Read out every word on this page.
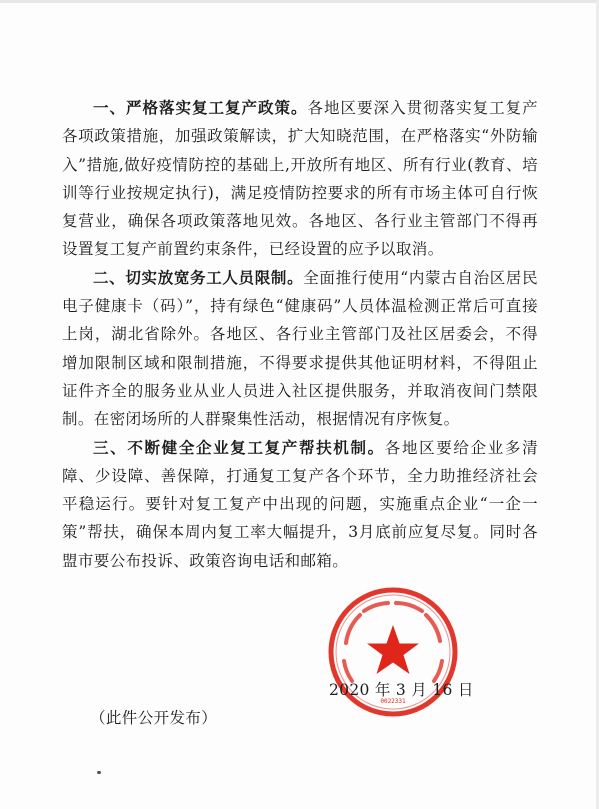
一、严格落实复工复产政策。各地区要深入贯彻落实复工复产各项政策措施，加强政策解读，扩大知晓范围，在严格落实“外防输入”措施,做好疫情防控的基础上,开放所有地区、所有行业(教育、培训等行业按规定执行)，满足疫情防控要求的所有市场主体可自行恢复营业，确保各项政策落地见效。各地区、各行业主管部门不得再设置复工复产前置约束条件，已经设置的应予以取消。

二、切实放宽务工人员限制。全面推行使用“内蒙古自治区居民电子健康卡（码）”，持有绿色“健康码”人员体温检测正常后可直接上岗，湖北省除外。各地区、各行业主管部门及社区居委会，不得增加限制区域和限制措施，不得要求提供其他证明材料，不得阻止证件齐全的服务业从业人员进入社区提供服务，并取消夜间门禁限制。在密闭场所的人群聚集性活动，根据情况有序恢复。

三、不断健全企业复工复产帮扶机制。各地区要给企业多清障、少设障、善保障，打通复工复产各个环节，全力助推经济社会平稳运行。要针对复工复产中出现的问题，实施重点企业“一企一策”帮扶，确保本周内复工率大幅提升，3月底前应复尽复。同时各盟市要公布投诉、政策咨询电话和邮箱。

0022331
2020 年 3 月 16 日
（此件公开发布）
